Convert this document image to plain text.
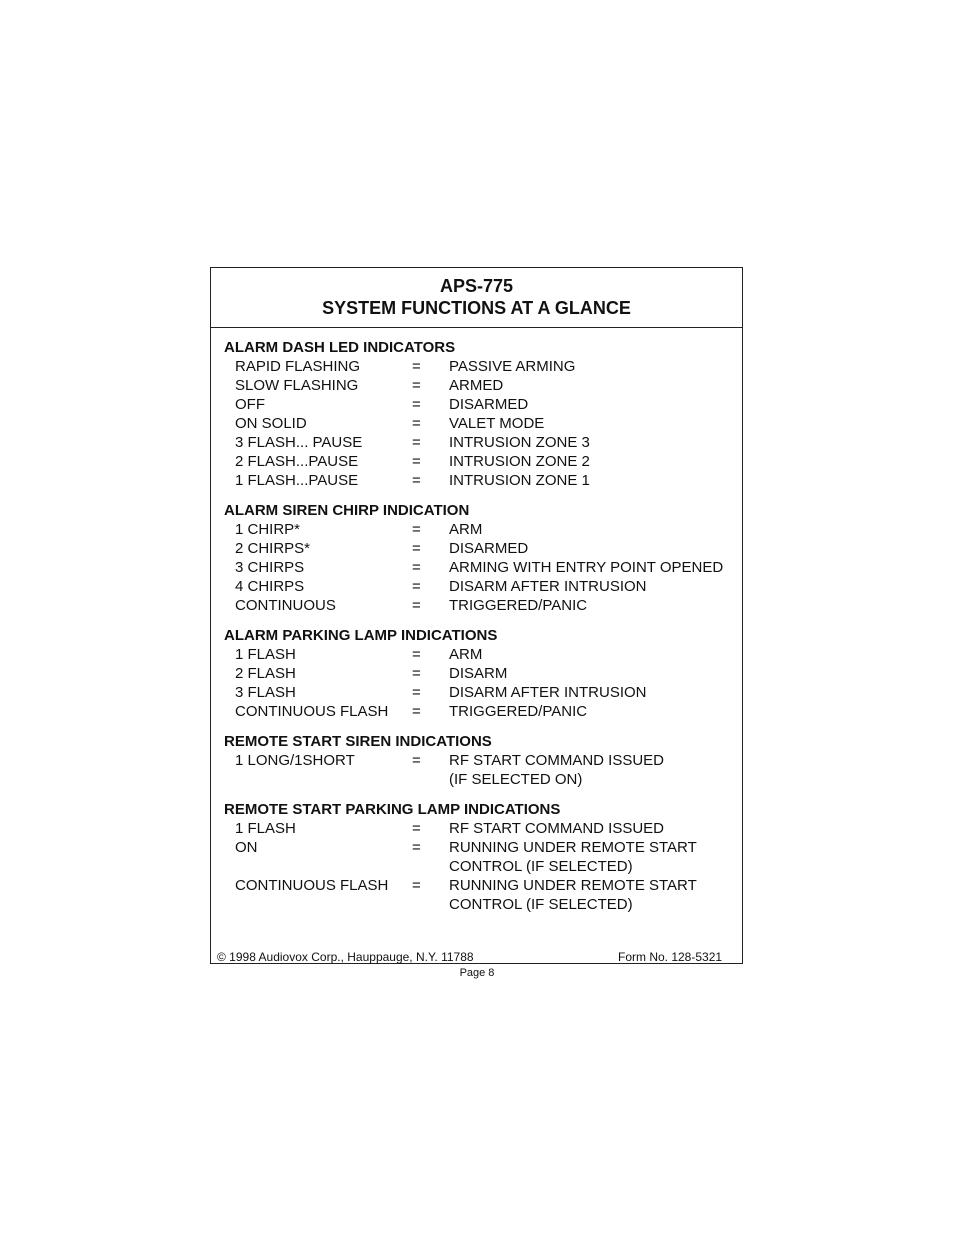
APS-775
SYSTEM FUNCTIONS AT A GLANCE
ALARM DASH LED INDICATORS
RAPID FLASHING	= PASSIVE ARMING
SLOW FLASHING	= ARMED
OFF	= DISARMED
ON SOLID	= VALET MODE
3 FLASH... PAUSE	= INTRUSION ZONE 3
2 FLASH...PAUSE	= INTRUSION ZONE 2
1 FLASH...PAUSE	= INTRUSION ZONE 1
ALARM SIREN CHIRP INDICATION
1 CHIRP*	= ARM
2 CHIRPS*	= DISARMED
3 CHIRPS	= ARMING WITH ENTRY POINT OPENED
4 CHIRPS	= DISARM AFTER INTRUSION
CONTINUOUS	= TRIGGERED/PANIC
ALARM PARKING LAMP INDICATIONS
1 FLASH	= ARM
2 FLASH	= DISARM
3 FLASH	= DISARM AFTER INTRUSION
CONTINUOUS FLASH = TRIGGERED/PANIC
REMOTE START SIREN INDICATIONS
1 LONG/1SHORT	= RF START COMMAND ISSUED
(IF SELECTED ON)
REMOTE START PARKING LAMP INDICATIONS
1 FLASH	= RF START COMMAND ISSUED
ON	= RUNNING UNDER REMOTE START
CONTROL (IF SELECTED)
CONTINUOUS FLASH = RUNNING UNDER REMOTE START
CONTROL (IF SELECTED)
© 1998 Audiovox Corp., Hauppauge, N.Y. 11788	Form No. 128-5321
Page 8
